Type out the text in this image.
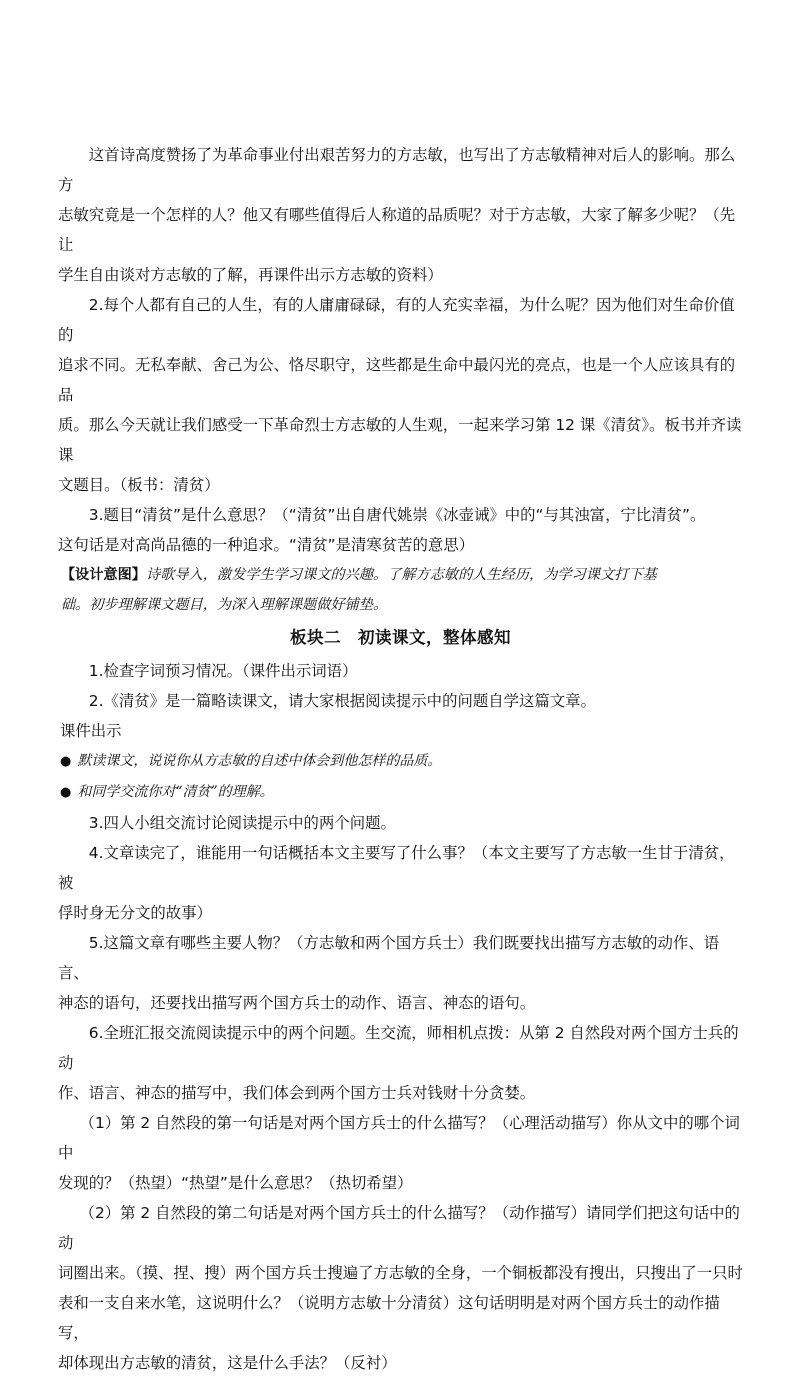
这首诗高度赞扬了为革命事业付出艰苦努力的方志敏，也写出了方志敏精神对后人的影响。那么方
志敏究竟是一个怎样的人？他又有哪些值得后人称道的品质呢？对于方志敏，大家了解多少呢？（先让
学生自由谈对方志敏的了解，再课件出示方志敏的资料）

2.每个人都有自己的人生，有的人庸庸碌碌，有的人充实幸福，为什么呢？因为他们对生命价值的
追求不同。无私奉献、舍己为公、恪尽职守，这些都是生命中最闪光的亮点，也是一个人应该具有的品
质。那么今天就让我们感受一下革命烈士方志敏的人生观，一起来学习第 12 课《清贫》。板书并齐读课
文题目。（板书：清贫）

3.题目“清贫”是什么意思？（“清贫”出自唐代姚崇《冰壶诫》中的“与其浊富，宁比清贫”。
这句话是对高尚品德的一种追求。“清贫”是清寒贫苦的意思）

【设计意图】诗歌导入，激发学生学习课文的兴趣。了解方志敏的人生经历，为学习课文打下基
础。初步理解课文题目，为深入理解课题做好铺垫。

板块二　初读课文，整体感知

1.检查字词预习情况。（课件出示词语）

2.《清贫》是一篇略读课文，请大家根据阅读提示中的问题自学这篇文章。

课件出示

● 默读课文，说说你从方志敏的自述中体会到他怎样的品质。

● 和同学交流你对“清贫”的理解。

3.四人小组交流讨论阅读提示中的两个问题。

4.文章读完了，谁能用一句话概括本文主要写了什么事？（本文主要写了方志敏一生甘于清贫，被
俘时身无分文的故事）

5.这篇文章有哪些主要人物？（方志敏和两个国方兵士）我们既要找出描写方志敏的动作、语言、
神态的语句，还要找出描写两个国方兵士的动作、语言、神态的语句。

6.全班汇报交流阅读提示中的两个问题。生交流，师相机点拨：从第 2 自然段对两个国方士兵的动
作、语言、神态的描写中，我们体会到两个国方士兵对钱财十分贪婪。

（1）第 2 自然段的第一句话是对两个国方兵士的什么描写？（心理活动描写）你从文中的哪个词中
发现的？（热望）“热望”是什么意思？（热切希望）

（2）第 2 自然段的第二句话是对两个国方兵士的什么描写？（动作描写）请同学们把这句话中的动
词圈出来。（摸、捏、搜）两个国方兵士搜遍了方志敏的全身，一个铜板都没有搜出，只搜出了一只时
表和一支自来水笔，这说明什么？（说明方志敏十分清贫）这句话明明是对两个国方兵士的动作描写，
却体现出方志敏的清贫，这是什么手法？（反衬）
